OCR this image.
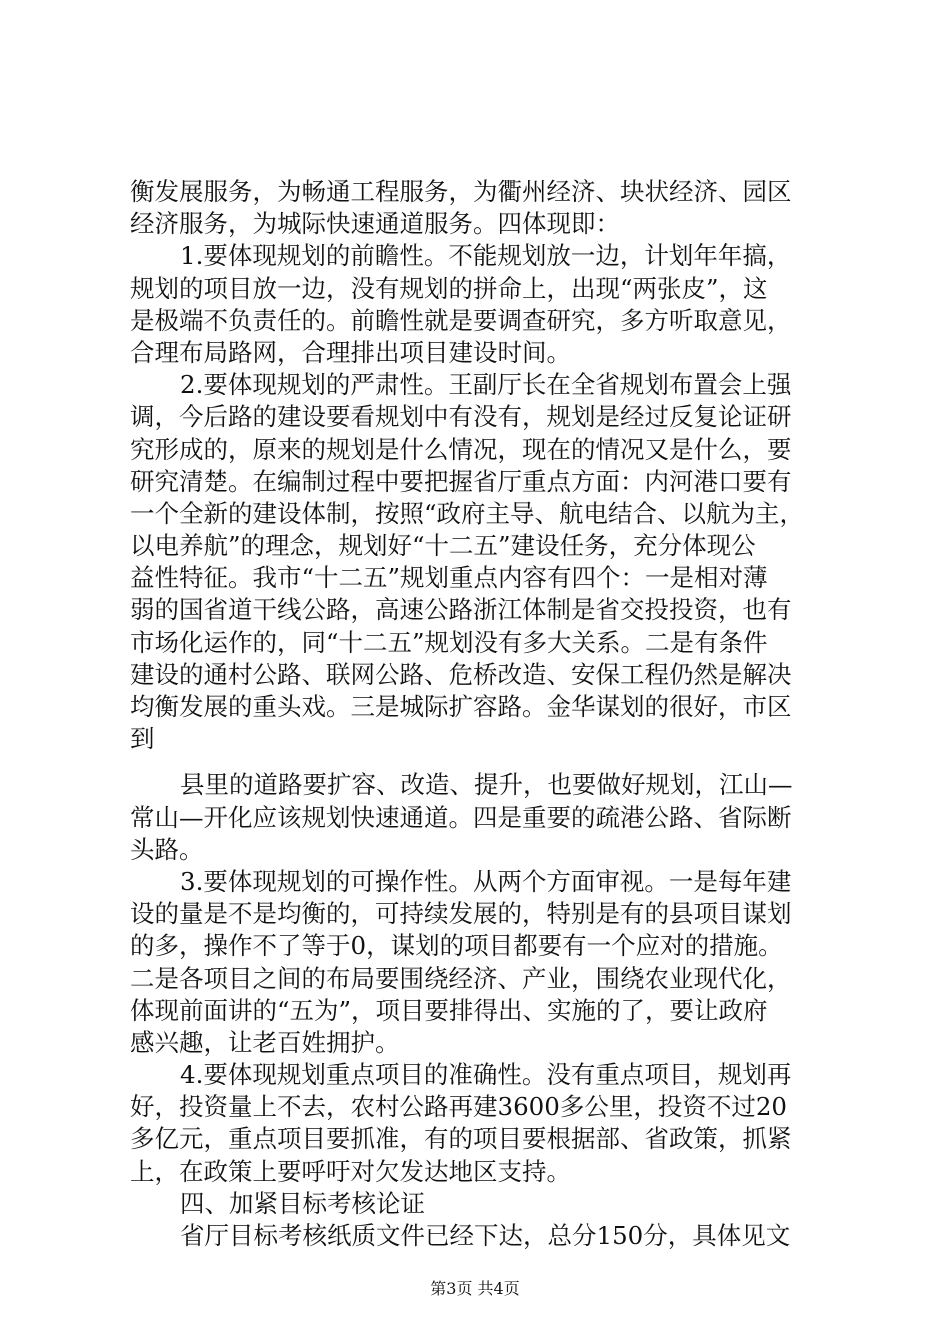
衡发展服务，为畅通工程服务，为衢州经济、块状经济、园区
经济服务，为城际快速通道服务。四体现即：
1.要体现规划的前瞻性。不能规划放一边，计划年年搞，
规划的项目放一边，没有规划的拼命上，出现“两张皮”，这
是极端不负责任的。前瞻性就是要调查研究，多方听取意见，
合理布局路网，合理排出项目建设时间。
2.要体现规划的严肃性。王副厅长在全省规划布置会上强
调，今后路的建设要看规划中有没有，规划是经过反复论证研
究形成的，原来的规划是什么情况，现在的情况又是什么，要
研究清楚。在编制过程中要把握省厅重点方面：内河港口要有
一个全新的建设体制，按照“政府主导、航电结合、以航为主，
以电养航”的理念，规划好“十二五”建设任务，充分体现公
益性特征。我市“十二五”规划重点内容有四个：一是相对薄
弱的国省道干线公路，高速公路浙江体制是省交投投资，也有
市场化运作的，同“十二五”规划没有多大关系。二是有条件
建设的通村公路、联网公路、危桥改造、安保工程仍然是解决
均衡发展的重头戏。三是城际扩容路。金华谋划的很好，市区
到
县里的道路要扩容、改造、提升，也要做好规划，江山—
常山—开化应该规划快速通道。四是重要的疏港公路、省际断
头路。
3.要体现规划的可操作性。从两个方面审视。一是每年建
设的量是不是均衡的，可持续发展的，特别是有的县项目谋划
的多，操作不了等于0，谋划的项目都要有一个应对的措施。
二是各项目之间的布局要围绕经济、产业，围绕农业现代化，
体现前面讲的“五为”，项目要排得出、实施的了，要让政府
感兴趣，让老百姓拥护。
4.要体现规划重点项目的准确性。没有重点项目，规划再
好，投资量上不去，农村公路再建3600多公里，投资不过20
多亿元，重点项目要抓准，有的项目要根据部、省政策，抓紧
上，在政策上要呼吁对欠发达地区支持。
四、加紧目标考核论证
省厅目标考核纸质文件已经下达，总分150分，具体见文
第3页 共4页
